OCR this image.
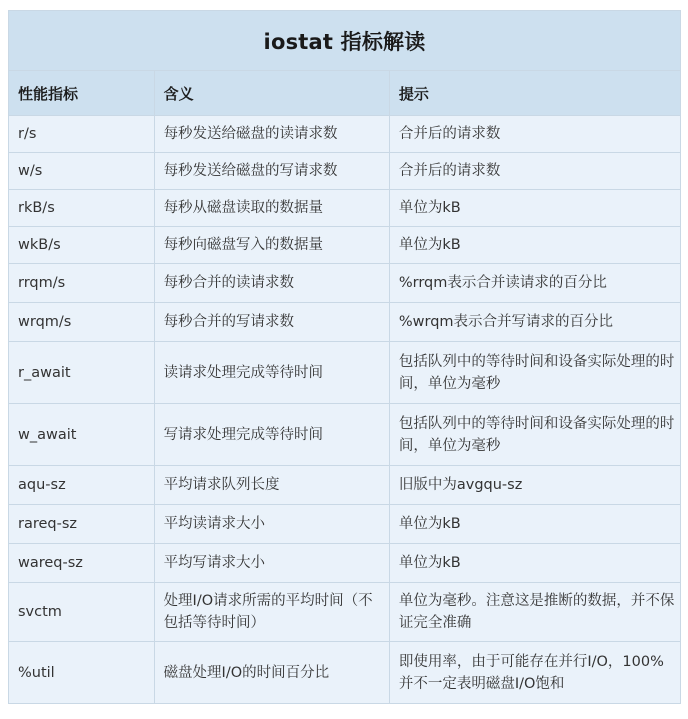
iostat 指标解读		
性能指标	含义	提示
r/s	每秒发送给磁盘的读请求数	合并后的请求数
w/s	每秒发送给磁盘的写请求数	合并后的请求数
rkB/s	每秒从磁盘读取的数据量	单位为kB
wkB/s	每秒向磁盘写入的数据量	单位为kB
rrqm/s	每秒合并的读请求数	%rrqm表示合并读请求的百分比
wrqm/s	每秒合并的写请求数	%wrqm表示合并写请求的百分比
r_await	读请求处理完成等待时间	包括队列中的等待时间和设备实际处理的时间，单位为毫秒
w_await	写请求处理完成等待时间	包括队列中的等待时间和设备实际处理的时间，单位为毫秒
aqu-sz	平均请求队列长度	旧版中为avgqu-sz
rareq-sz	平均读请求大小	单位为kB
wareq-sz	平均写请求大小	单位为kB
svctm	处理I/O请求所需的平均时间（不包括等待时间）	单位为毫秒。注意这是推断的数据，并不保证完全准确
%util	磁盘处理I/O的时间百分比	即使用率，由于可能存在并行I/O，100%并不一定表明磁盘I/O饱和
